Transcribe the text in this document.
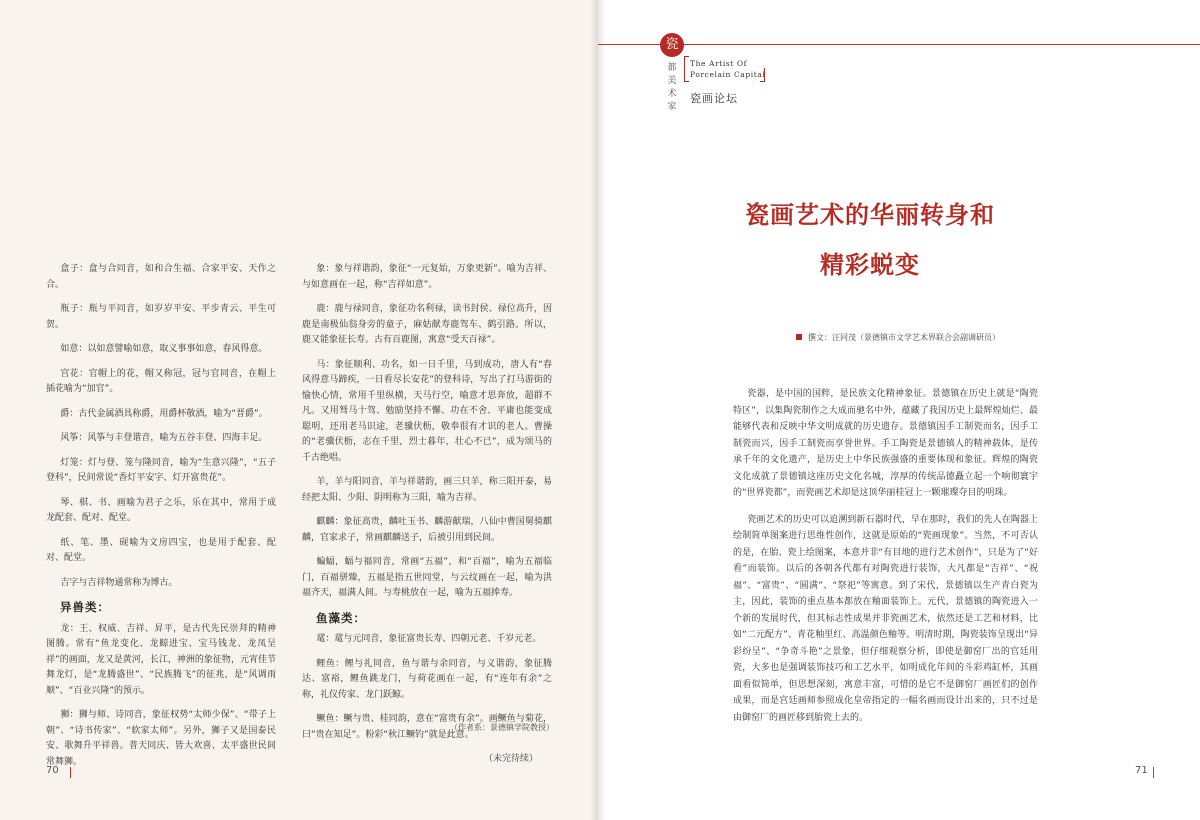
盒子：盒与合同音，如和合生福、合家平安、天作之合。

瓶子：瓶与平同音，如岁岁平安、平步青云、平生可贺。

如意：以如意譬喻如意，取义事事如意，春风得意。

宫花：官帽上的花，帽又称冠，冠与官同音，在帽上插花喻为“加官”。

爵：古代金属酒具称爵，用爵杯敬酒，喻为“晋爵”。

风筝：风筝与丰登谐音，喻为五谷丰登、四海丰足。

灯笼：灯与登、笼与隆同音，喻为“生意兴隆”，“五子登科”，民间常说“香灯平安字、灯开富贵花”。

琴、棋、书、画喻为君子之乐，乐在其中，常用于成龙配套、配对、配堂。

纸、笔、墨、砚喻为文房四宝，也是用于配套、配对、配堂。

吉字与吉祥物通常称为博古。

异兽类：

龙：王、权威、吉祥、昇平，是古代先民崇拜的精神图腾。常有“鱼龙变化、龙鲸进宝、宝马钱龙、龙凤呈祥”的画面，龙又是黄河，长江，神洲的象征物，元宵佳节舞龙灯，是“龙腾盛世”、“民族腾飞”的征兆，是“风调雨顺”、“百业兴隆”的预示。

狮：狮与师、诗同音，象征权势“太师少保”、“带子上朝”、“诗书传家”、“软家太师”。另外，狮子又是国泰民安、歌舞升平祥兽。普天同庆、皆大欢喜、太平盛世民间常舞狮。

象：象与祥谐韵，象征“一元复始，万象更新”。喻为吉祥、与如意画在一起，称“吉祥如意”。

鹿：鹿与禄同音，象征功名利禄，读书封侯、禄位高升，因鹿是南极仙翁身旁的童子，麻姑献寿鹿驾车、鹤引路。所以，鹿又能象征长寿。古有百鹿图，寓意“受天百禄”。

马：象征顺利、功名，如一日千里，马到成功，唐人有“春风得意马蹄疾，一日看尽长安花”的登科诗，写出了打马游街的愉快心情，常用千里纵横，天马行空，喻意才思奔放，超群不凡。又用驽马十驾、勉励坚持不懈、功在不舍、平庸也能变成聪明，还用老马识途，老骥伏枥，敬奉很有才识的老人。曹操的“老骥伏枥，志在千里，烈士暮年，壮心不已”，成为颂马的千古绝唱。

羊，羊与阳同音，羊与祥谐韵，画三只羊，称三阳开泰，易经把太阳、少阳、阴明称为三阳，喻为吉祥。

麒麟：象征高贵，麟吐玉书、麟游献瑞，八仙中曹国舅骑麒麟，官家求子，常画麒麟送子，后被引用到民间。

蝙蝠，蝠与福同音，常画“五福”，和“百福”，喻为五福临门，百福骈臻，五福是指五世同堂，与云纹画在一起，喻为洪福齐天，福满人间。与寿桃放在一起，喻为五福捧寿。

鱼藻类：

鼋：鼋与元同音，象征富贵长寿、四朝元老、千岁元老。

鲤鱼：鲤与礼同音，鱼与谐与余同音，与义谐韵，象征腾达、富裕，鲤鱼跳龙门，与荷花画在一起，有“连年有余”之称，礼仪传家、龙门跃鲸。

鳜鱼：鳜与贵、桂同韵，意在“富贵有余”。画鳜鱼与菊花，曰“贵在知足”。粉彩“秋江鳜钓”就是此意。

（未完待续）
（作者系：景德镇学院教授）
70
瓷
都
美
术
家
The Artist Of
Porcelain Capital
瓷画论坛
瓷画艺术的华丽转身和
精彩蜕变
撰文：汪同茂（景德镇市文学艺术界联合会副调研员）

瓷器，是中国的国粹，是民族文化精神象征。景德镇在历史上就是“陶瓷特区”，以集陶瓷制作之大成而驰名中外，蕴藏了我国历史上最辉煌灿烂、最能够代表和反映中华文明成就的历史遗存。景德镇因手工制瓷而名，因手工制瓷而兴，因手工制瓷而享誉世界。手工陶瓷是景德镇人的精神载体，是传承千年的文化遗产，是历史上中华民族强盛的重要体现和象征。辉煌的陶瓷文化成就了景德镇这座历史文化名城，淳厚的传统品德矗立起一个响彻寰宇的“世界瓷都”，而瓷画艺术却是这顶华丽桂冠上一颗璀璨夺目的明珠。

瓷画艺术的历史可以追溯到新石器时代，早在那时，我们的先人在陶器上绘制简单图案进行思维性创作，这就是原始的“瓷画现象”。当然，不可否认的是，在胎、瓷上绘图案，本意并非“有目地的进行艺术创作”，只是为了“好看”而装饰。以后的各朝各代都有对陶瓷进行装饰，大凡都是“吉祥”、“祝福”、“富贵”、“圆满”、“祭祀”等寓意。到了宋代，景德镇以生产青白瓷为主，因此，装饰的重点基本都放在釉面装饰上。元代，景德镇的陶瓷进入一个新的发展时代，但其标志性成果并非瓷画艺术，依然还是工艺和材料，比如“二元配方”、青花釉里红、高温颜色釉等。明清时期，陶瓷装饰呈现出“异彩纷呈”、“争奇斗艳”之景象，但仔细观察分析，即使是御窑厂出的官廷用瓷，大多也是强调装饰技巧和工艺水平，如明成化年间的斗彩鸡缸杯，其画面看似简单，但思想深刻，寓意丰富，可惜的是它不是御窑厂画匠们的创作成果，而是宫廷画师参照成化皇帝指定的一幅名画而设计出来的，只不过是由御窑厂的画匠移到胎瓷上去的。

71
